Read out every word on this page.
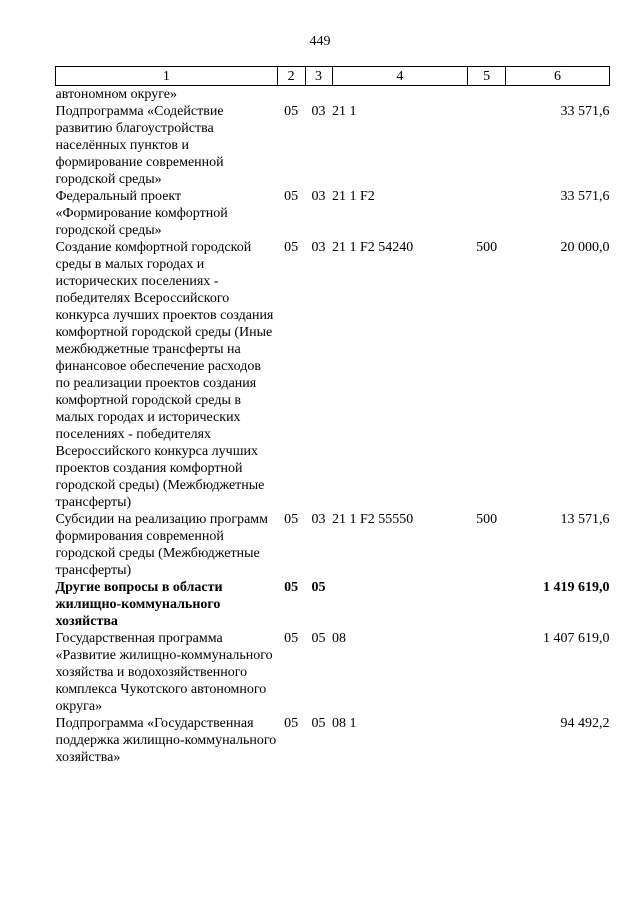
449
1	2	3	4	5	6
автономном округе»					
Подпрограмма «Содействие развитию благоустройства населённых пунктов и формирование современной городской среды»	05	03	21 1		33 571,6
Федеральный проект «Формирование комфортной городской среды»	05	03	21 1 F2		33 571,6
Создание комфортной городской среды в малых городах и исторических поселениях - победителях Всероссийского конкурса лучших проектов создания комфортной городской среды (Иные межбюджетные трансферты на финансовое обеспечение расходов по реализации проектов создания комфортной городской среды в малых городах и исторических поселениях - победителях Всероссийского конкурса лучших проектов создания комфортной городской среды) (Межбюджетные трансферты)	05	03	21 1 F2 54240	500	20 000,0
Субсидии на реализацию программ формирования современной городской среды (Межбюджетные трансферты)	05	03	21 1 F2 55550	500	13 571,6
Другие вопросы в области жилищно-коммунального хозяйства	05	05			1 419 619,0
Государственная программа «Развитие жилищно-коммунального хозяйства и водохозяйственного комплекса Чукотского автономного округа»	05	05	08		1 407 619,0
Подпрограмма «Государственная поддержка жилищно-коммунального хозяйства»	05	05	08 1		94 492,2
